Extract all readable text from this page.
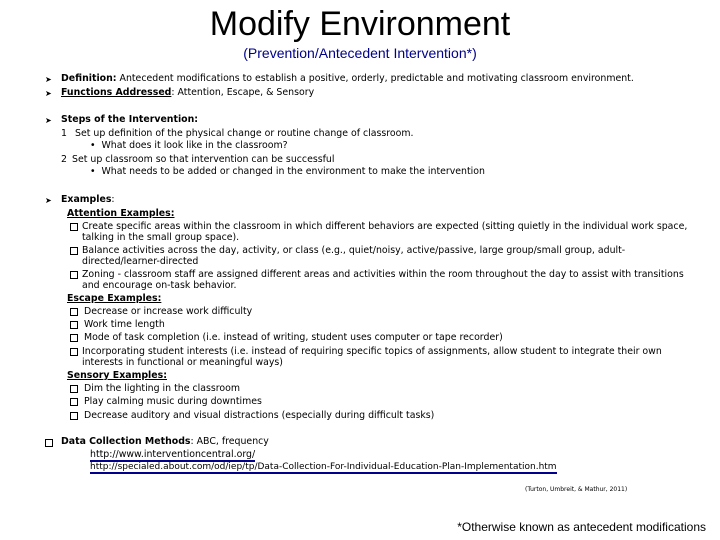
Modify Environment
(Prevention/Antecedent Intervention*)
➤ Definition: Antecedent modifications to establish a positive, orderly, predictable and motivating classroom environment.
➤ Functions Addressed: Attention, Escape, & Sensory
➤ Steps of the Intervention:
1 Set up definition of the physical change or routine change of classroom.
•  What does it look like in the classroom?
2 Set up classroom so that intervention can be successful
•  What needs to be added or changed in the environment to make the intervention
➤ Examples:
Attention Examples:
Create specific areas within the classroom in which different behaviors are expected (sitting quietly in the individual work space, talking in the small group space).
Balance activities across the day, activity, or class (e.g., quiet/noisy, active/passive, large group/small group, adult-directed/learner-directed
Zoning - classroom staff are assigned different areas and activities within the room throughout the day to assist with transitions and encourage on-task behavior.
Escape Examples:
Decrease or increase work difficulty
Work time length
Mode of task completion (i.e. instead of writing, student uses computer or tape recorder)
Incorporating student interests (i.e. instead of requiring specific topics of assignments, allow student to integrate their own interests in functional or meaningful ways)
Sensory Examples:
Dim the lighting in the classroom
Play calming music during downtimes
Decrease auditory and visual distractions (especially during difficult tasks)
Data Collection Methods: ABC, frequency
http://www.interventioncentral.org/
http://specialed.about.com/od/iep/tp/Data-Collection-For-Individual-Education-Plan-Implementation.htm
(Turton, Umbreit, & Mathur, 2011)
*Otherwise known as antecedent modifications
